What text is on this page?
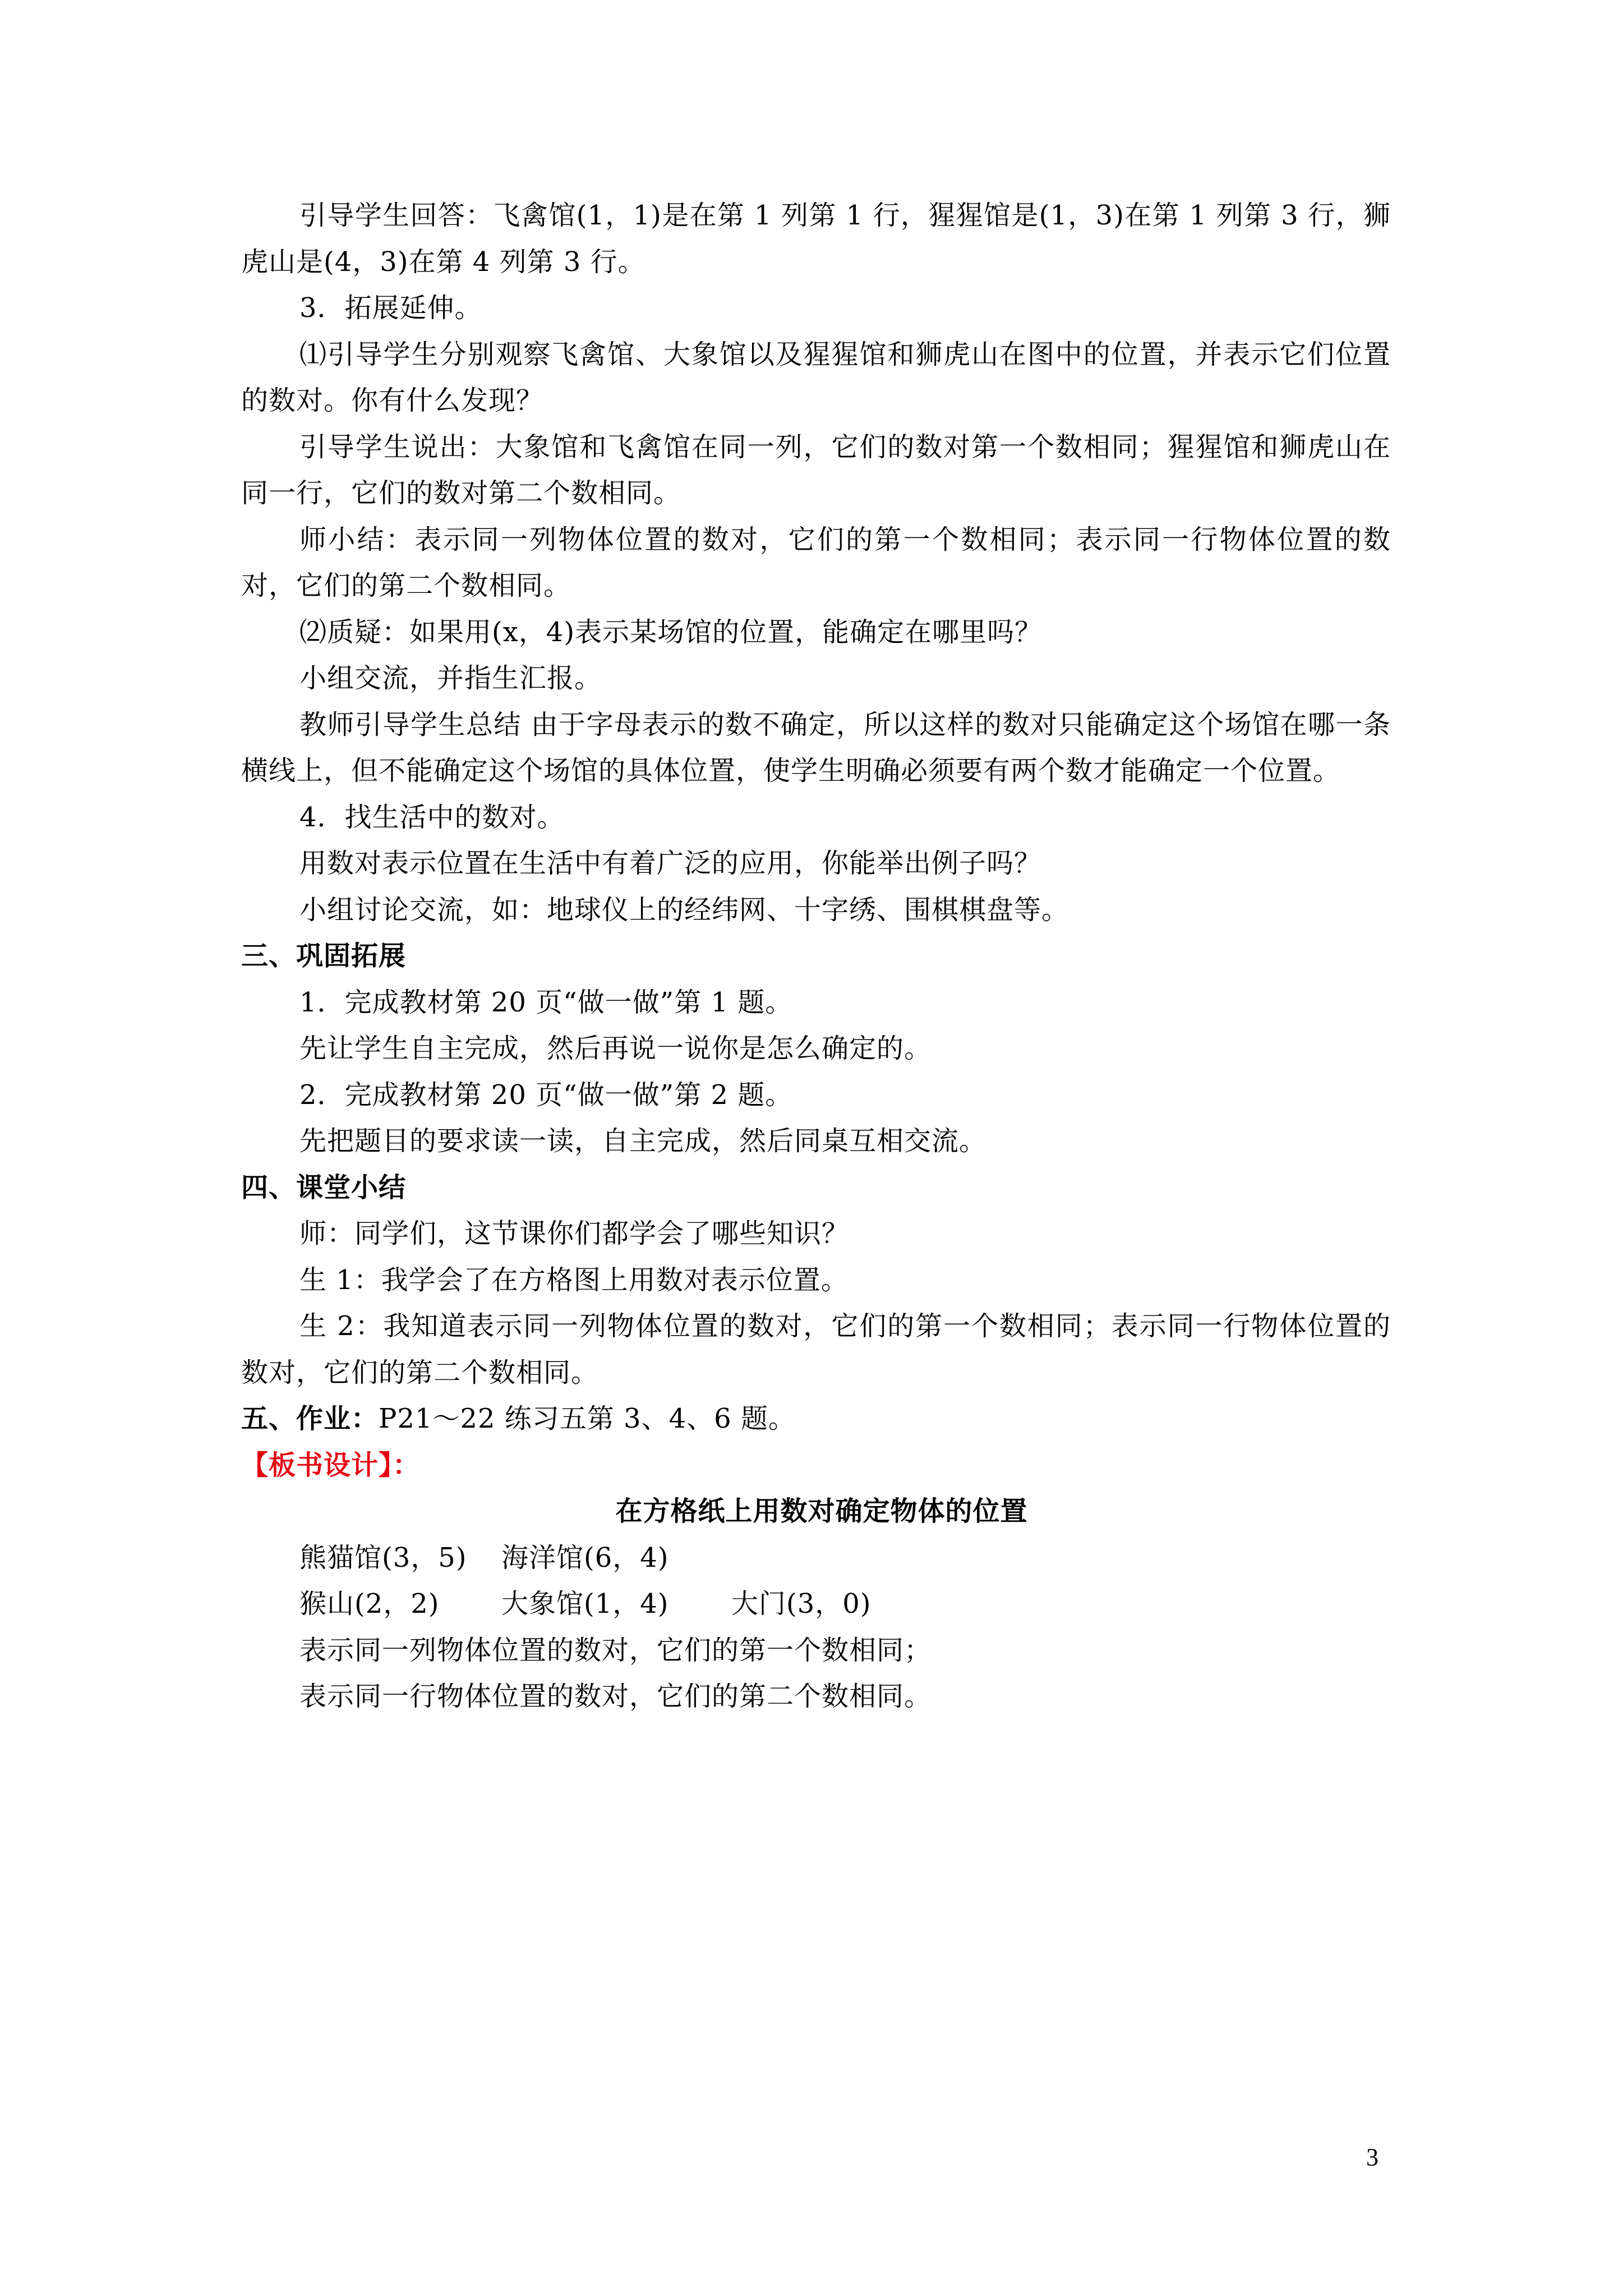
引导学生回答：飞禽馆(1，1)是在第 1 列第 1 行，猩猩馆是(1，3)在第 1 列第 3 行，狮虎山是(4，3)在第 4 列第 3 行。

3．拓展延伸。

⑴引导学生分别观察飞禽馆、大象馆以及猩猩馆和狮虎山在图中的位置，并表示它们位置的数对。你有什么发现？

引导学生说出：大象馆和飞禽馆在同一列，它们的数对第一个数相同；猩猩馆和狮虎山在同一行，它们的数对第二个数相同。

师小结：表示同一列物体位置的数对，它们的第一个数相同；表示同一行物体位置的数对，它们的第二个数相同。

⑵质疑：如果用(x，4)表示某场馆的位置，能确定在哪里吗？

小组交流，并指生汇报。

教师引导学生总结 由于字母表示的数不确定，所以这样的数对只能确定这个场馆在哪一条横线上，但不能确定这个场馆的具体位置，使学生明确必须要有两个数才能确定一个位置。

4．找生活中的数对。

用数对表示位置在生活中有着广泛的应用，你能举出例子吗？

小组讨论交流，如：地球仪上的经纬网、十字绣、围棋棋盘等。

三、巩固拓展

1．完成教材第 20 页“做一做”第 1 题。

先让学生自主完成，然后再说一说你是怎么确定的。

2．完成教材第 20 页“做一做”第 2 题。

先把题目的要求读一读，自主完成，然后同桌互相交流。

四、课堂小结

师：同学们，这节课你们都学会了哪些知识？

生 1：我学会了在方格图上用数对表示位置。

生 2：我知道表示同一列物体位置的数对，它们的第一个数相同；表示同一行物体位置的数对，它们的第二个数相同。

五、作业：P21～22 练习五第 3、4、6 题。

【板书设计】：

在方格纸上用数对确定物体的位置

熊猫馆(3，5) 海洋馆(6，4)

猴山(2，2) 大象馆(1，4) 大门(3，0)

表示同一列物体位置的数对，它们的第一个数相同；

表示同一行物体位置的数对，它们的第二个数相同。

3
